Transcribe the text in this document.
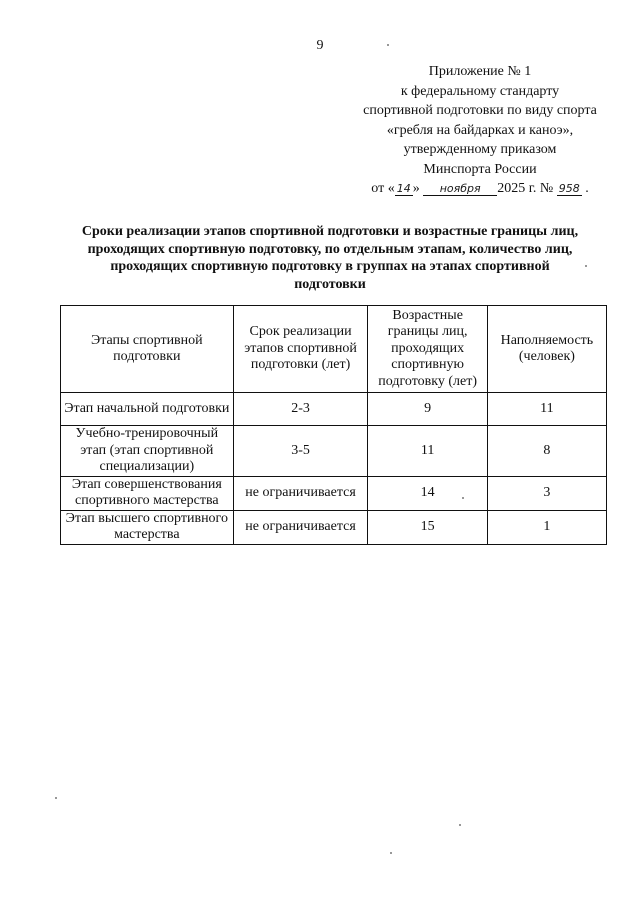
9
Приложение № 1
к федеральному стандарту
спортивной подготовки по виду спорта
«гребля на байдарках и каноэ»,
утвержденному приказом
Минспорта России
от « 14 » ноября 2025 г. № 958 .
Сроки реализации этапов спортивной подготовки и возрастные границы лиц,
проходящих спортивную подготовку, по отдельным этапам, количество лиц,
проходящих спортивную подготовку в группах на этапах спортивной
подготовки
Этапы спортивной подготовки	Срок реализации этапов спортивной подготовки (лет)	Возрастные границы лиц, проходящих спортивную подготовку (лет)	Наполняемость (человек)
Этап начальной подготовки	2-3	9	11
Учебно-тренировочный этап (этап спортивной специализации)	3-5	11	8
Этап совершенствования спортивного мастерства	не ограничивается	14	3
Этап высшего спортивного мастерства	не ограничивается	15	1
